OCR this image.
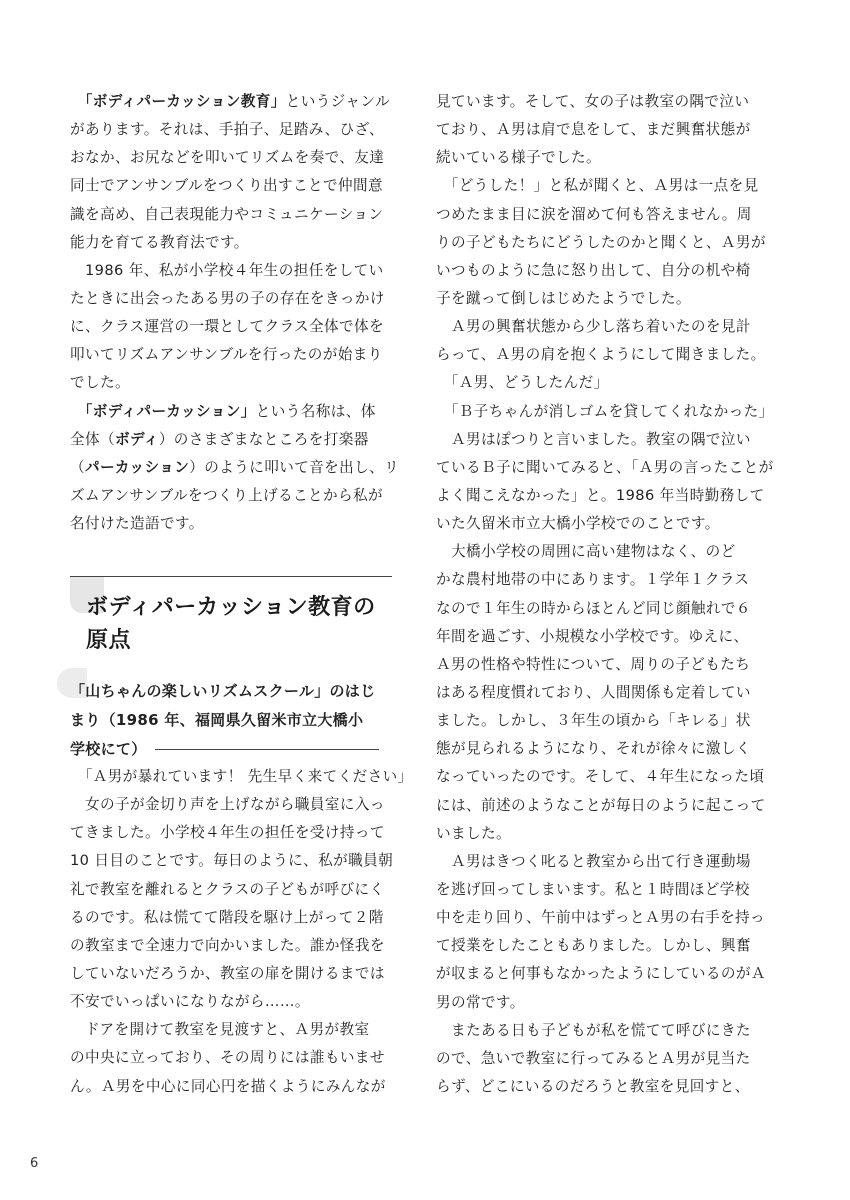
　「ボディパーカッション教育」というジャンル
があります。それは、手拍子、足踏み、ひざ、
おなか、お尻などを叩いてリズムを奏で、友達
同士でアンサンブルをつくり出すことで仲間意
識を高め、自己表現能力やコミュニケーション
能力を育てる教育法です。
　1986 年、私が小学校４年生の担任をしてい
たときに出会ったある男の子の存在をきっかけ
に、クラス運営の一環としてクラス全体で体を
叩いてリズムアンサンブルを行ったのが始まり
でした。
　「ボディパーカッション」という名称は、体
全体（ボディ）のさまざまなところを打楽器
（パーカッション）のように叩いて音を出し、リ
ズムアンサンブルをつくり上げることから私が
名付けた造語です。
ボディパーカッション教育の
原点
「山ちゃんの楽しいリズムスクール」のはじ
まり（1986 年、福岡県久留米市立大橋小
学校にて）
　「Ａ男が暴れています！ 先生早く来てください」
　女の子が金切り声を上げながら職員室に入っ
てきました。小学校４年生の担任を受け持って
10 日目のことです。毎日のように、私が職員朝
礼で教室を離れるとクラスの子どもが呼びにく
るのです。私は慌てて階段を駆け上がって２階
の教室まで全速力で向かいました。誰か怪我を
していないだろうか、教室の扉を開けるまでは
不安でいっぱいになりながら……。
　ドアを開けて教室を見渡すと、Ａ男が教室
の中央に立っており、その周りには誰もいませ
ん。Ａ男を中心に同心円を描くようにみんなが
見ています。そして、女の子は教室の隅で泣い
ており、Ａ男は肩で息をして、まだ興奮状態が
続いている様子でした。
　「どうした！」と私が聞くと、Ａ男は一点を見
つめたまま目に涙を溜めて何も答えません。周
りの子どもたちにどうしたのかと聞くと、Ａ男が
いつものように急に怒り出して、自分の机や椅
子を蹴って倒しはじめたようでした。
　Ａ男の興奮状態から少し落ち着いたのを見計
らって、Ａ男の肩を抱くようにして聞きました。
　「Ａ男、どうしたんだ」
　「Ｂ子ちゃんが消しゴムを貸してくれなかった」
　Ａ男はぽつりと言いました。教室の隅で泣い
ているＢ子に聞いてみると、「Ａ男の言ったことが
よく聞こえなかった」と。1986 年当時勤務して
いた久留米市立大橋小学校でのことです。
　大橋小学校の周囲に高い建物はなく、のど
かな農村地帯の中にあります。１学年１クラス
なので１年生の時からほとんど同じ顔触れで６
年間を過ごす、小規模な小学校です。ゆえに、
Ａ男の性格や特性について、周りの子どもたち
はある程度慣れており、人間関係も定着してい
ました。しかし、３年生の頃から「キレる」状
態が見られるようになり、それが徐々に激しく
なっていったのです。そして、４年生になった頃
には、前述のようなことが毎日のように起こって
いました。
　Ａ男はきつく叱ると教室から出て行き運動場
を逃げ回ってしまいます。私と１時間ほど学校
中を走り回り、午前中はずっとＡ男の右手を持っ
て授業をしたこともありました。しかし、興奮
が収まると何事もなかったようにしているのがＡ
男の常です。
　またある日も子どもが私を慌てて呼びにきた
ので、急いで教室に行ってみるとＡ男が見当た
らず、どこにいるのだろうと教室を見回すと、
6
